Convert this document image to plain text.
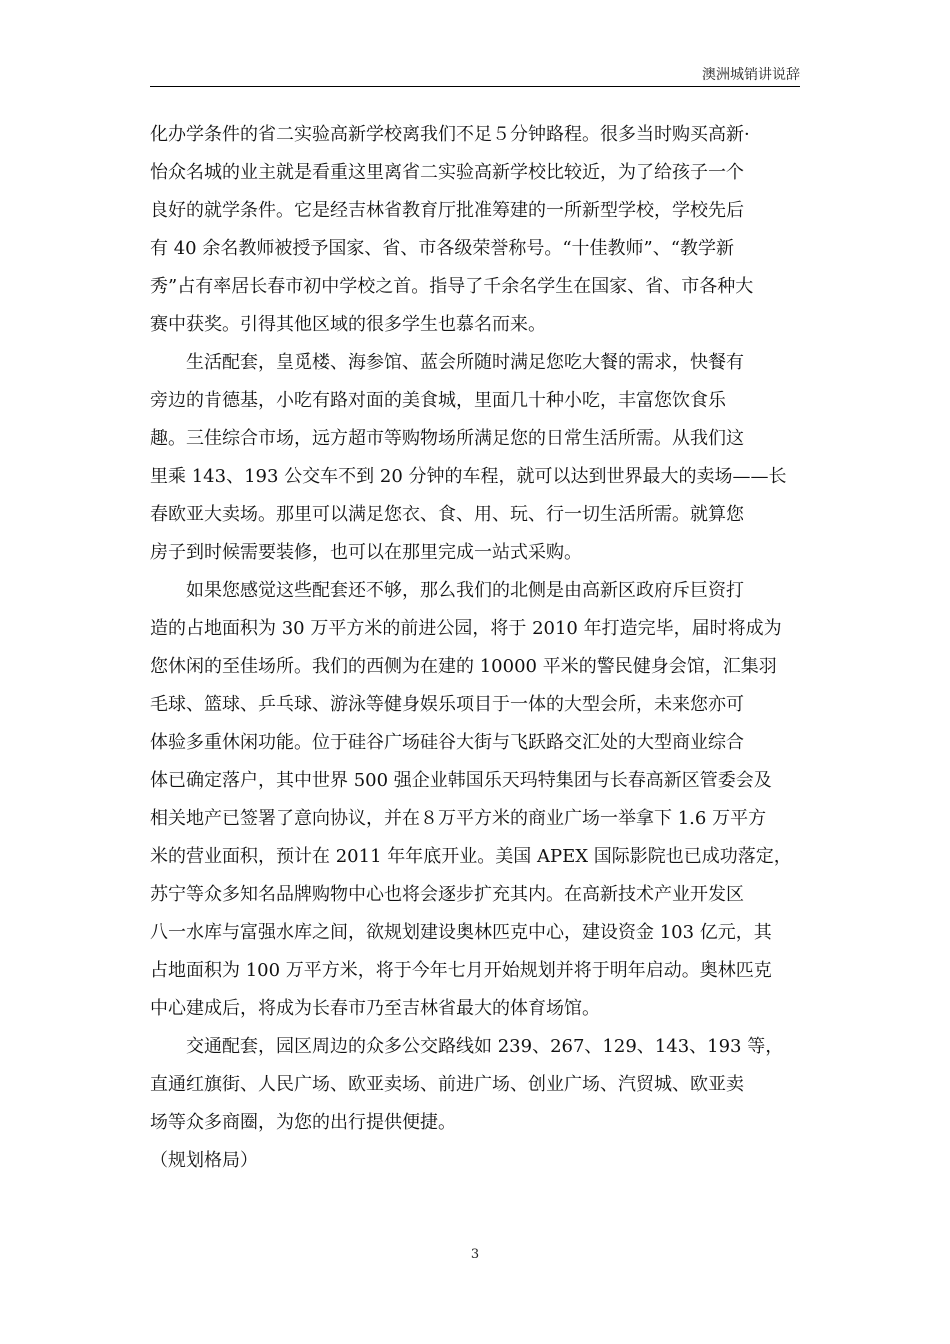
澳洲城销讲说辞
化办学条件的省二实验高新学校离我们不足５分钟路程。很多当时购买高新·
怡众名城的业主就是看重这里离省二实验高新学校比较近，为了给孩子一个
良好的就学条件。它是经吉林省教育厅批准筹建的一所新型学校，学校先后
有 40 余名教师被授予国家、省、市各级荣誉称号。“十佳教师”、“教学新
秀”占有率居长春市初中学校之首。指导了千余名学生在国家、省、市各种大
赛中获奖。引得其他区域的很多学生也慕名而来。
生活配套，皇觅楼、海参馆、蓝会所随时满足您吃大餐的需求，快餐有
旁边的肯德基，小吃有路对面的美食城，里面几十种小吃，丰富您饮食乐
趣。三佳综合市场，远方超市等购物场所满足您的日常生活所需。从我们这
里乘 143、193 公交车不到 20 分钟的车程，就可以达到世界最大的卖场——长
春欧亚大卖场。那里可以满足您衣、食、用、玩、行一切生活所需。就算您
房子到时候需要装修，也可以在那里完成一站式采购。
如果您感觉这些配套还不够，那么我们的北侧是由高新区政府斥巨资打
造的占地面积为 30 万平方米的前进公园，将于 2010 年打造完毕，届时将成为
您休闲的至佳场所。我们的西侧为在建的 10000 平米的警民健身会馆，汇集羽
毛球、篮球、乒乓球、游泳等健身娱乐项目于一体的大型会所，未来您亦可
体验多重休闲功能。位于硅谷广场硅谷大街与飞跃路交汇处的大型商业综合
体已确定落户，其中世界 500 强企业韩国乐天玛特集团与长春高新区管委会及
相关地产已签署了意向协议，并在８万平方米的商业广场一举拿下 1.6 万平方
米的营业面积，预计在 2011 年年底开业。美国 APEX 国际影院也已成功落定，
苏宁等众多知名品牌购物中心也将会逐步扩充其内。在高新技术产业开发区
八一水库与富强水库之间，欲规划建设奥林匹克中心，建设资金 103 亿元，其
占地面积为 100 万平方米，将于今年七月开始规划并将于明年启动。奥林匹克
中心建成后，将成为长春市乃至吉林省最大的体育场馆。
交通配套，园区周边的众多公交路线如 239、267、129、143、193 等，
直通红旗街、人民广场、欧亚卖场、前进广场、创业广场、汽贸城、欧亚卖
场等众多商圈，为您的出行提供便捷。
（规划格局）
3
